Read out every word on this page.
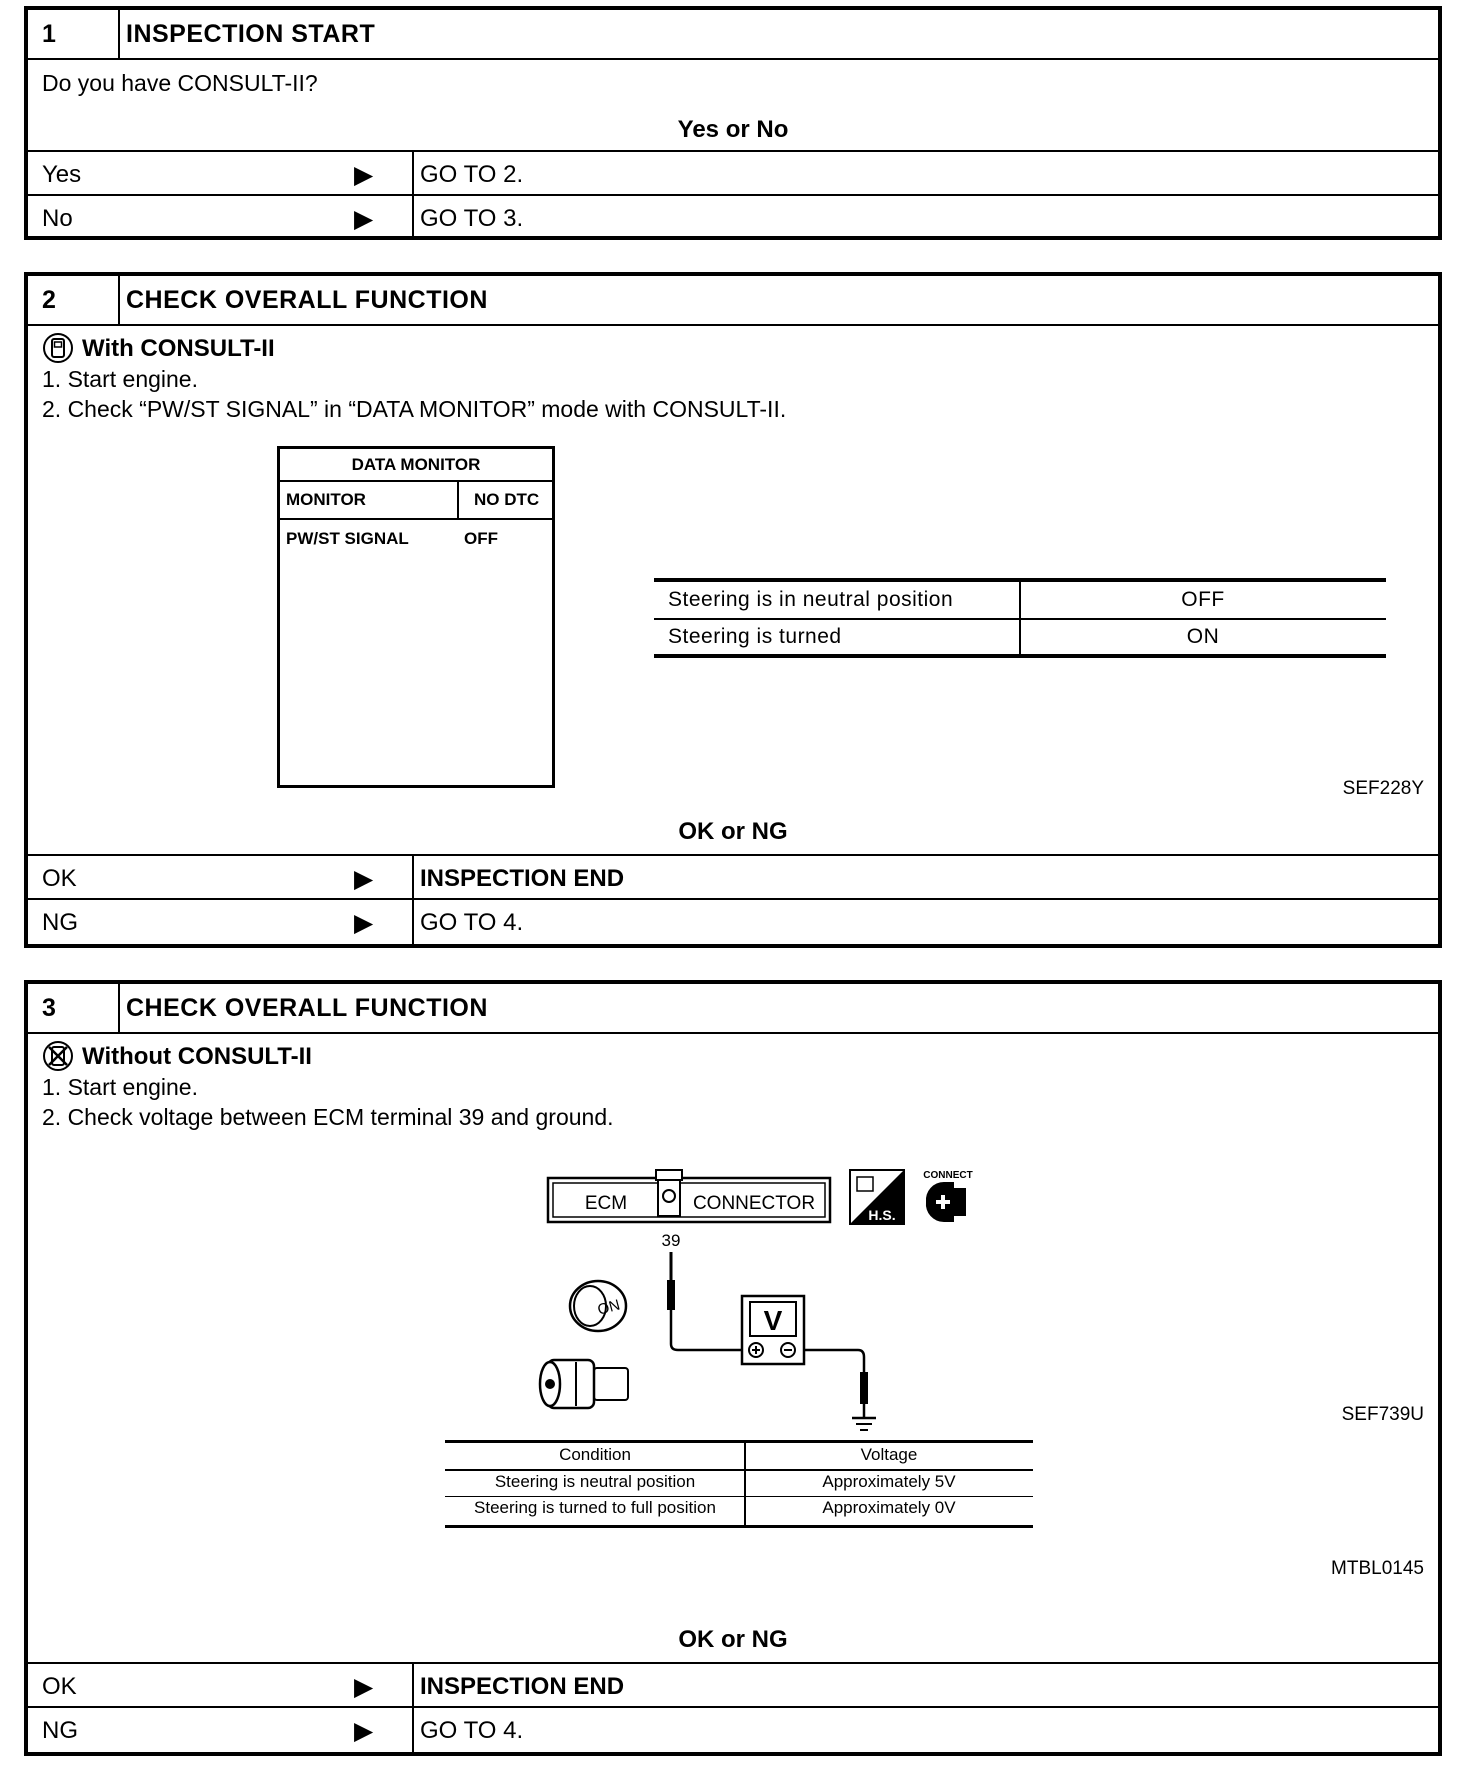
1	INSPECTION START
Do you have CONSULT-II?
Yes or No
Yes	▶ GO TO 2.
No	▶ GO TO 3.
2	CHECK OVERALL FUNCTION
With CONSULT-II
1. Start engine.
2. Check “PW/ST SIGNAL” in “DATA MONITOR” mode with CONSULT-II.
DATA MONITOR
MONITOR	NO DTC
PW/ST SIGNAL	OFF
Steering is in neutral position	OFF
Steering is turned	ON
SEF228Y
OK or NG
OK	▶ INSPECTION END
NG	▶ GO TO 4.
3	CHECK OVERALL FUNCTION
Without CONSULT-II
1. Start engine.
2. Check voltage between ECM terminal 39 and ground.
ECM	CONNECTOR
39
H.S.
CONNECT
V
ON
SEF739U
Condition	Voltage
Steering is neutral position	Approximately 5V
Steering is turned to full position	Approximately 0V
MTBL0145
OK or NG
OK	▶ INSPECTION END
NG	▶ GO TO 4.
